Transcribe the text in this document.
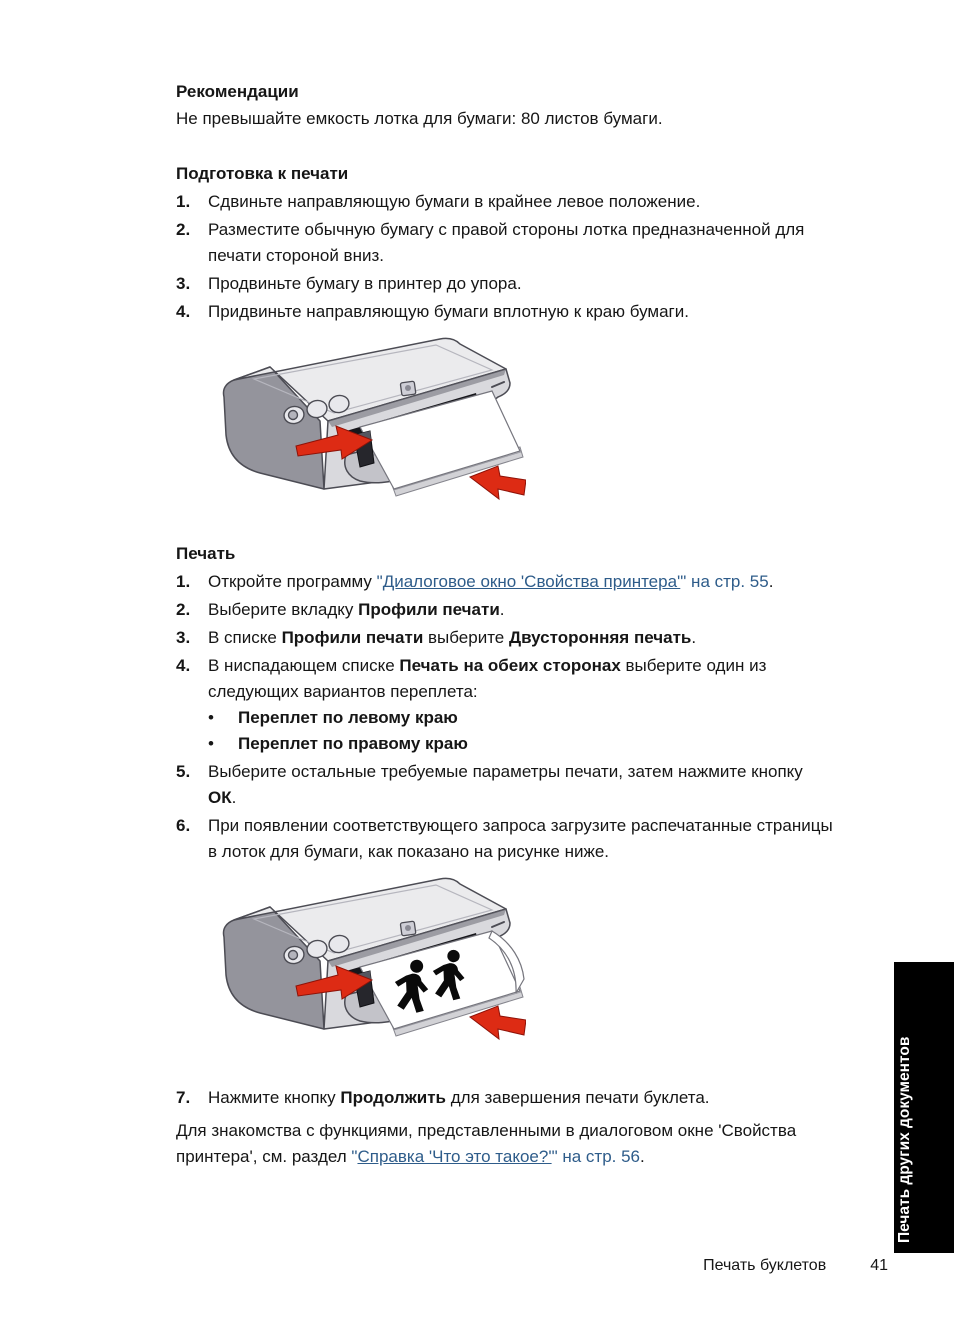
Рекомендации

Не превышайте емкость лотка для бумаги: 80 листов бумаги.

Подготовка к печати
1.	Сдвиньте направляющую бумаги в крайнее левое положение.
2.	Разместите обычную бумагу с правой стороны лотка предназначенной для
печати стороной вниз.
3.	Продвиньте бумагу в принтер до упора.
4.	Придвиньте направляющую бумаги вплотную к краю бумаги.
Печать
1.	Откройте программу "Диалоговое окно 'Свойства принтера'" на стр. 55.
2.	Выберите вкладку Профили печати.
3.	В списке Профили печати выберите Двусторонняя печать.
4.	В ниспадающем списке Печать на обеих сторонах выберите один из
следующих вариантов переплета:
•	Переплет по левому краю
•	Переплет по правому краю
5.	Выберите остальные требуемые параметры печати, затем нажмите кнопку
ОК.
6.	При появлении соответствующего запроса загрузите распечатанные страницы
в лоток для бумаги, как показано на рисунке ниже.
7.	Нажмите кнопку Продолжить для завершения печати буклета.

Для знакомства с функциями, представленными в диалоговом окне 'Свойства
принтера', см. раздел "Справка 'Что это такое?'" на стр. 56.	Печать других документов
Печать буклетов	41
